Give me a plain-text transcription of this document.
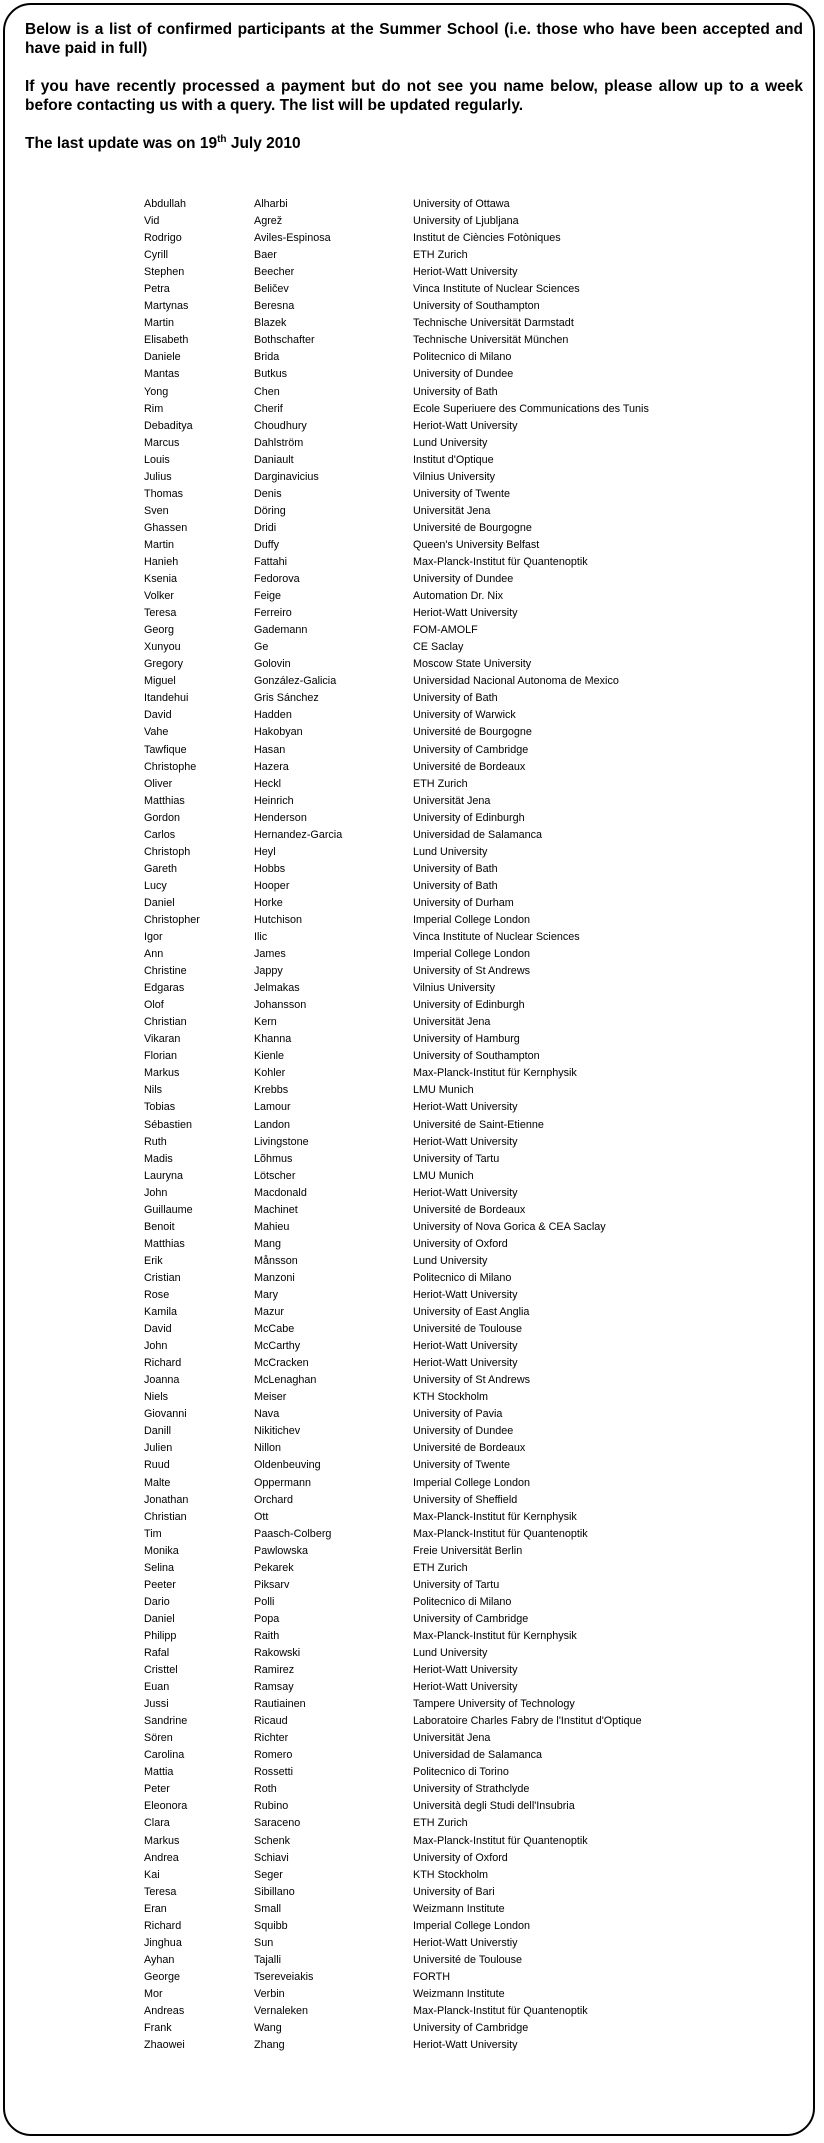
Below is a list of confirmed participants at the Summer School (i.e. those who have been accepted and have paid in full)

If you have recently processed a payment but do not see you name below, please allow up to a week before contacting us with a query. The list will be updated regularly.

The last update was on 19th July 2010

Abdullah	Alharbi	University of Ottawa
Vid	Agrež	University of Ljubljana
Rodrigo	Aviles-Espinosa	Institut de Ciències Fotòniques
Cyrill	Baer	ETH Zurich
Stephen	Beecher	Heriot-Watt University
Petra	Beličev	Vinca Institute of Nuclear Sciences
Martynas	Beresna	University of Southampton
Martin	Blazek	Technische Universität Darmstadt
Elisabeth	Bothschafter	Technische Universität München
Daniele	Brida	Politecnico di Milano
Mantas	Butkus	University of Dundee
Yong	Chen	University of Bath
Rim	Cherif	Ecole Superiuere des Communications des Tunis
Debaditya	Choudhury	Heriot-Watt University
Marcus	Dahlström	Lund University
Louis	Daniault	Institut d'Optique
Julius	Darginavicius	Vilnius University
Thomas	Denis	University of Twente
Sven	Döring	Universität Jena
Ghassen	Dridi	Université de Bourgogne
Martin	Duffy	Queen's University Belfast
Hanieh	Fattahi	Max-Planck-Institut für Quantenoptik
Ksenia	Fedorova	University of Dundee
Volker	Feige	Automation Dr. Nix
Teresa	Ferreiro	Heriot-Watt University
Georg	Gademann	FOM-AMOLF
Xunyou	Ge	CE Saclay
Gregory	Golovin	Moscow State University
Miguel	González-Galicia	Universidad Nacional Autonoma de Mexico
Itandehui	Gris Sánchez	University of Bath
David	Hadden	University of Warwick
Vahe	Hakobyan	Université de Bourgogne
Tawfique	Hasan	University of Cambridge
Christophe	Hazera	Université de Bordeaux
Oliver	Heckl	ETH Zurich
Matthias	Heinrich	Universität Jena
Gordon	Henderson	University of Edinburgh
Carlos	Hernandez-Garcia	Universidad de Salamanca
Christoph	Heyl	Lund University
Gareth	Hobbs	University of Bath
Lucy	Hooper	University of Bath
Daniel	Horke	University of Durham
Christopher	Hutchison	Imperial College London
Igor	Ilic	Vinca Institute of Nuclear Sciences
Ann	James	Imperial College London
Christine	Jappy	University of St Andrews
Edgaras	Jelmakas	Vilnius University
Olof	Johansson	University of Edinburgh
Christian	Kern	Universität Jena
Vikaran	Khanna	University of Hamburg
Florian	Kienle	University of Southampton
Markus	Kohler	Max-Planck-Institut für Kernphysik
Nils	Krebbs	LMU Munich
Tobias	Lamour	Heriot-Watt University
Sébastien	Landon	Université de Saint-Etienne
Ruth	Livingstone	Heriot-Watt University
Madis	Lõhmus	University of Tartu
Lauryna	Lötscher	LMU Munich
John	Macdonald	Heriot-Watt University
Guillaume	Machinet	Université de Bordeaux
Benoit	Mahieu	University of Nova Gorica & CEA Saclay
Matthias	Mang	University of Oxford
Erik	Månsson	Lund University
Cristian	Manzoni	Politecnico di Milano
Rose	Mary	Heriot-Watt University
Kamila	Mazur	University of East Anglia
David	McCabe	Université de Toulouse
John	McCarthy	Heriot-Watt University
Richard	McCracken	Heriot-Watt University
Joanna	McLenaghan	University of St Andrews
Niels	Meiser	KTH Stockholm
Giovanni	Nava	University of Pavia
Danill	Nikitichev	University of Dundee
Julien	Nillon	Université de Bordeaux
Ruud	Oldenbeuving	University of Twente
Malte	Oppermann	Imperial College London
Jonathan	Orchard	University of Sheffield
Christian	Ott	Max-Planck-Institut für Kernphysik
Tim	Paasch-Colberg	Max-Planck-Institut für Quantenoptik
Monika	Pawlowska	Freie Universität Berlin
Selina	Pekarek	ETH Zurich
Peeter	Piksarv	University of Tartu
Dario	Polli	Politecnico di Milano
Daniel	Popa	University of Cambridge
Philipp	Raith	Max-Planck-Institut für Kernphysik
Rafal	Rakowski	Lund University
Cristtel	Ramirez	Heriot-Watt University
Euan	Ramsay	Heriot-Watt University
Jussi	Rautiainen	Tampere University of Technology
Sandrine	Ricaud	Laboratoire Charles Fabry de l'Institut d'Optique
Sören	Richter	Universität Jena
Carolina	Romero	Universidad de Salamanca
Mattia	Rossetti	Politecnico di Torino
Peter	Roth	University of Strathclyde
Eleonora	Rubino	Università degli Studi dell'Insubria
Clara	Saraceno	ETH Zurich
Markus	Schenk	Max-Planck-Institut für Quantenoptik
Andrea	Schiavi	University of Oxford
Kai	Seger	KTH Stockholm
Teresa	Sibillano	University of Bari
Eran	Small	Weizmann Institute
Richard	Squibb	Imperial College London
Jinghua	Sun	Heriot-Watt Universtiy
Ayhan	Tajalli	Université de Toulouse
George	Tsereveiakis	FORTH
Mor	Verbin	Weizmann Institute
Andreas	Vernaleken	Max-Planck-Institut für Quantenoptik
Frank	Wang	University of Cambridge
Zhaowei	Zhang	Heriot-Watt University
